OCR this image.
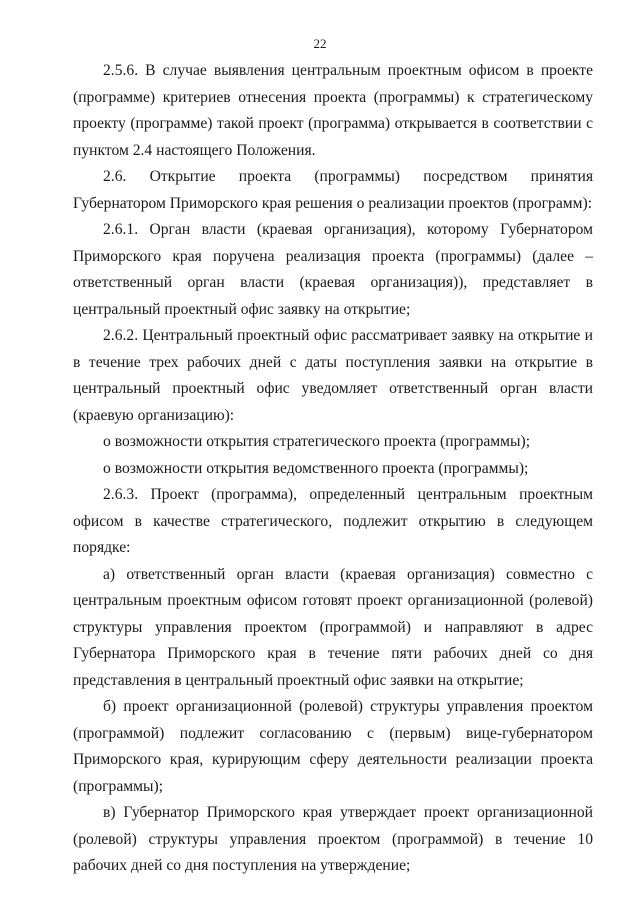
22

2.5.6. В случае выявления центральным проектным офисом в проекте (программе) критериев отнесения проекта (программы) к стратегическому проекту (программе) такой проект (программа) открывается в соответствии с пунктом 2.4 настоящего Положения.

2.6. Открытие проекта (программы) посредством принятия Губернатором Приморского края решения о реализации проектов (программ):

2.6.1. Орган власти (краевая организация), которому Губернатором Приморского края поручена реализация проекта (программы) (далее – ответственный орган власти (краевая организация)), представляет в центральный проектный офис заявку на открытие;

2.6.2. Центральный проектный офис рассматривает заявку на открытие и в течение трех рабочих дней с даты поступления заявки на открытие в центральный проектный офис уведомляет ответственный орган власти (краевую организацию):

о возможности открытия стратегического проекта (программы);

о возможности открытия ведомственного проекта (программы);

2.6.3. Проект (программа), определенный центральным проектным офисом в качестве стратегического, подлежит открытию в следующем порядке:

а) ответственный орган власти (краевая организация) совместно с центральным проектным офисом готовят проект организационной (ролевой) структуры управления проектом (программой) и направляют в адрес Губернатора Приморского края в течение пяти рабочих дней со дня представления в центральный проектный офис заявки на открытие;

б) проект организационной (ролевой) структуры управления проектом (программой) подлежит согласованию с (первым) вице-губернатором Приморского края, курирующим сферу деятельности реализации проекта (программы);

в) Губернатор Приморского края утверждает проект организационной (ролевой) структуры управления проектом (программой) в течение 10 рабочих дней со дня поступления на утверждение;
